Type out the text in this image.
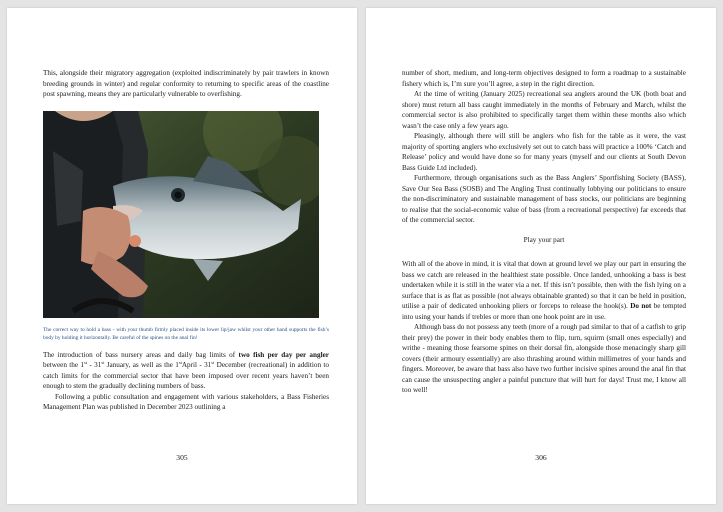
This, alongside their migratory aggregation (exploited indiscriminately by pair trawlers in known breeding grounds in winter) and regular conformity to returning to specific areas of the coastline post spawning, means they are particularly vulnerable to overfishing.

The correct way to hold a bass - with your thumb firmly placed inside its lower lip/jaw whilst your other hand supports the fish’s body by holding it horizontally. Be careful of the spines on the anal fin!

The introduction of bass nursery areas and daily bag limits of two fish per day per angler between the 1st - 31st January, as well as the 1stApril - 31st December (recreational) in addition to catch limits for the commercial sector that have been imposed over recent years haven’t been enough to stem the gradually declining numbers of bass.

Following a public consultation and engagement with various stakeholders, a Bass Fisheries Management Plan was published in December 2023 outlining a

305

number of short, medium, and long-term objectives designed to form a roadmap to a sustainable fishery which is, I’m sure you’ll agree, a step in the right direction.

At the time of writing (January 2025) recreational sea anglers around the UK (both boat and shore) must return all bass caught immediately in the months of February and March, whilst the commercial sector is also prohibited to specifically target them within these months also which wasn’t the case only a few years ago.

Pleasingly, although there will still be anglers who fish for the table as it were, the vast majority of sporting anglers who exclusively set out to catch bass will practice a 100% ‘Catch and Release’ policy and would have done so for many years (myself and our clients at South Devon Bass Guide Ltd included).

Furthermore, through organisations such as the Bass Anglers’ Sportfishing Society (BASS), Save Our Sea Bass (SOSB) and The Angling Trust continually lobbying our politicians to ensure the non-discriminatory and sustainable management of bass stocks, our politicians are beginning to realise that the social-economic value of bass (from a recreational perspective) far exceeds that of the commercial sector.

Play your part

With all of the above in mind, it is vital that down at ground level we play our part in ensuring the bass we catch are released in the healthiest state possible. Once landed, unhooking a bass is best undertaken while it is still in the water via a net. If this isn’t possible, then with the fish lying on a surface that is as flat as possible (not always obtainable granted) so that it can be held in position, utilise a pair of dedicated unhooking pliers or forceps to release the hook(s). Do not be tempted into using your hands if trebles or more than one hook point are in use.

Although bass do not possess any teeth (more of a rough pad similar to that of a catfish to grip their prey) the power in their body enables them to flip, turn, squirm (small ones especially) and writhe - meaning those fearsome spines on their dorsal fin, alongside those menacingly sharp gill covers (their armoury essentially) are also thrashing around within millimetres of your hands and fingers. Moreover, be aware that bass also have two further incisive spines around the anal fin that can cause the unsuspecting angler a painful puncture that will hurt for days! Trust me, I know all too well!

306
